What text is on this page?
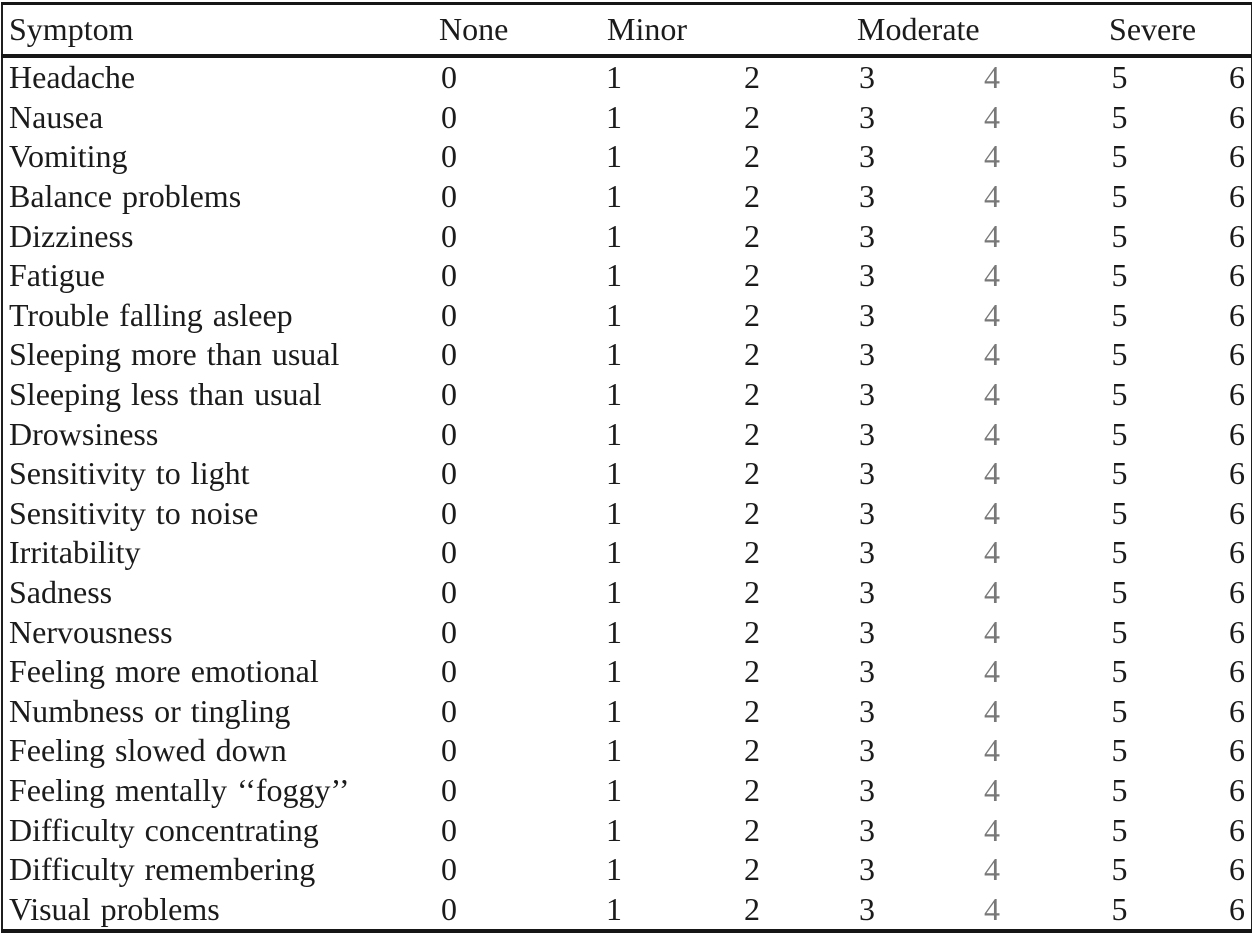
Symptom	None	Minor		Moderate		Severe	
Headache	0	1	2	3	4	5	6
Nausea	0	1	2	3	4	5	6
Vomiting	0	1	2	3	4	5	6
Balance problems	0	1	2	3	4	5	6
Dizziness	0	1	2	3	4	5	6
Fatigue	0	1	2	3	4	5	6
Trouble falling asleep	0	1	2	3	4	5	6
Sleeping more than usual	0	1	2	3	4	5	6
Sleeping less than usual	0	1	2	3	4	5	6
Drowsiness	0	1	2	3	4	5	6
Sensitivity to light	0	1	2	3	4	5	6
Sensitivity to noise	0	1	2	3	4	5	6
Irritability	0	1	2	3	4	5	6
Sadness	0	1	2	3	4	5	6
Nervousness	0	1	2	3	4	5	6
Feeling more emotional	0	1	2	3	4	5	6
Numbness or tingling	0	1	2	3	4	5	6
Feeling slowed down	0	1	2	3	4	5	6
Feeling mentally ‘‘foggy’’	0	1	2	3	4	5	6
Difficulty concentrating	0	1	2	3	4	5	6
Difficulty remembering	0	1	2	3	4	5	6
Visual problems	0	1	2	3	4	5	6
